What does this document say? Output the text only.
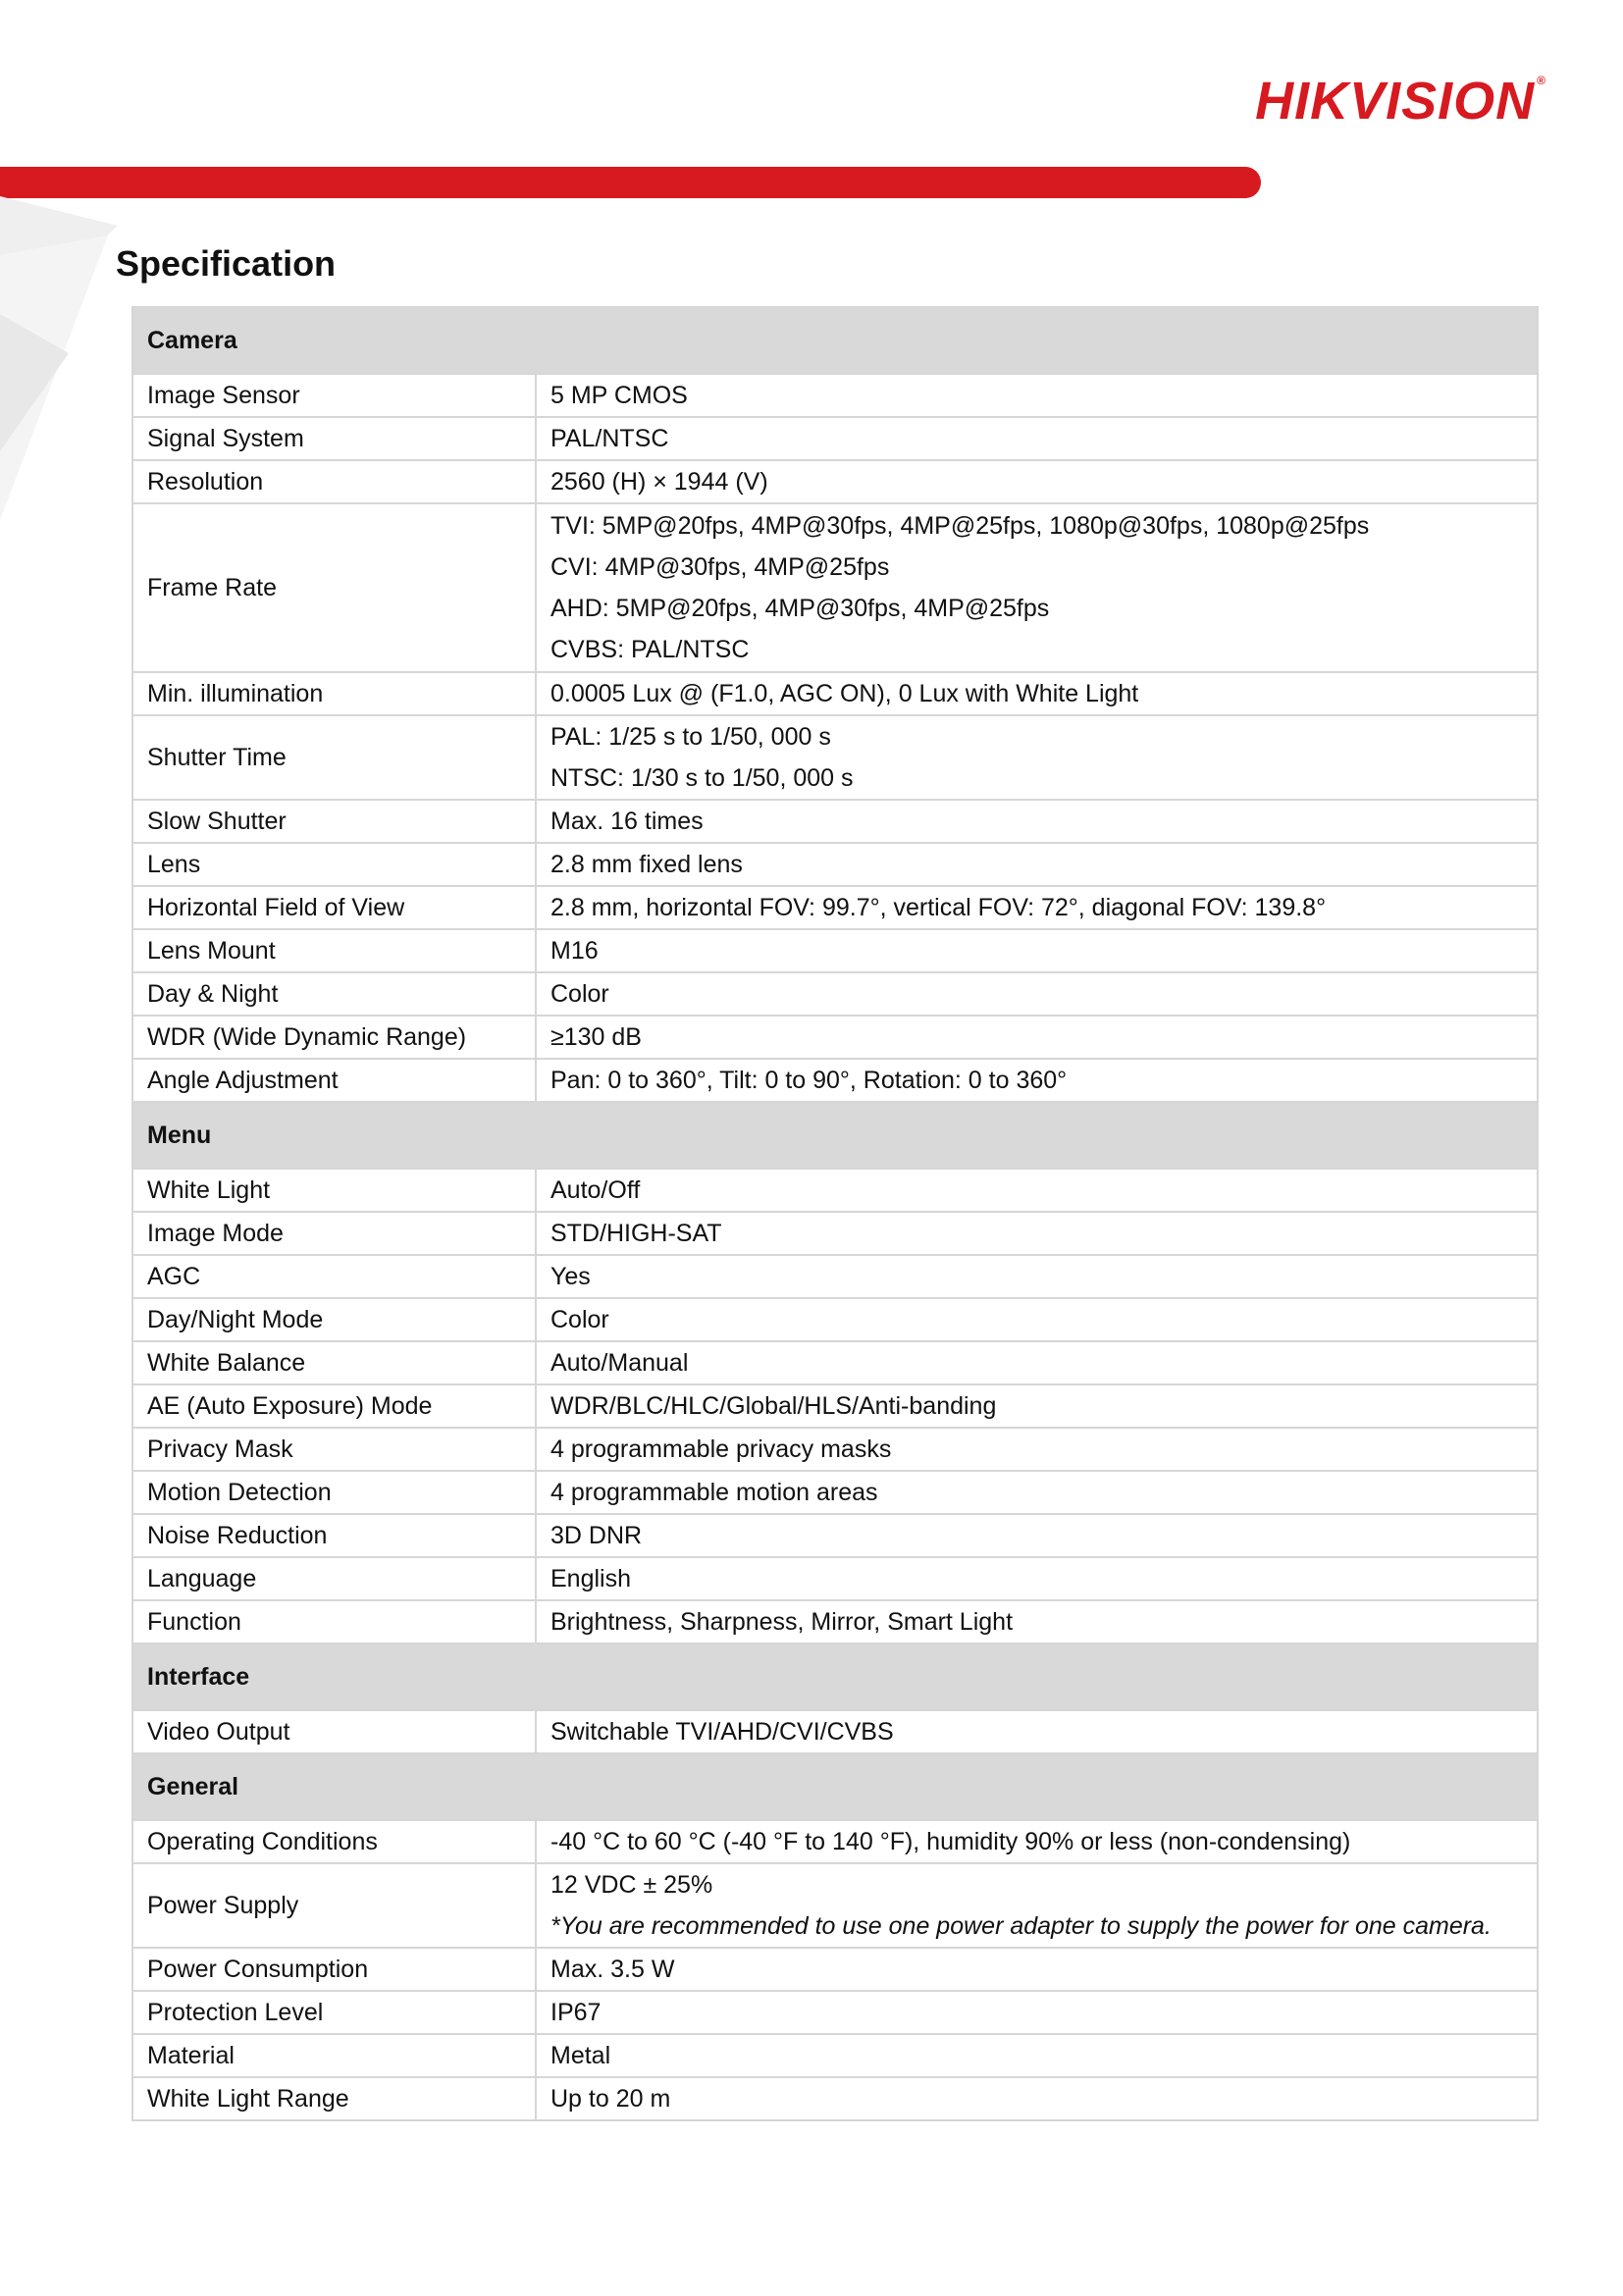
HIKVISION ®
Specification
Camera	
Image Sensor	5 MP CMOS

Signal System	PAL/NTSC

Resolution	2560 (H) × 1944 (V)

Frame Rate	TVI: 5MP@20fps, 4MP@30fps, 4MP@25fps, 1080p@30fps, 1080p@25fps
CVI: 4MP@30fps, 4MP@25fps
AHD: 5MP@20fps, 4MP@30fps, 4MP@25fps
CVBS: PAL/NTSC

Min. illumination	0.0005 Lux @ (F1.0, AGC ON), 0 Lux with White Light

Shutter Time	PAL: 1/25 s to 1/50, 000 s
NTSC: 1/30 s to 1/50, 000 s

Slow Shutter	Max. 16 times

Lens	2.8 mm fixed lens

Horizontal Field of View	2.8 mm, horizontal FOV: 99.7°, vertical FOV: 72°, diagonal FOV: 139.8°

Lens Mount	M16

Day & Night	Color

WDR (Wide Dynamic Range)	≥130 dB

Angle Adjustment	Pan: 0 to 360°, Tilt: 0 to 90°, Rotation: 0 to 360°

Menu	
White Light	Auto/Off

Image Mode	STD/HIGH-SAT

AGC	Yes

Day/Night Mode	Color

White Balance	Auto/Manual

AE (Auto Exposure) Mode	WDR/BLC/HLC/Global/HLS/Anti-banding

Privacy Mask	4 programmable privacy masks

Motion Detection	4 programmable motion areas

Noise Reduction	3D DNR

Language	English

Function	Brightness, Sharpness, Mirror, Smart Light

Interface	
Video Output	Switchable TVI/AHD/CVI/CVBS

General	
Operating Conditions	-40 °C to 60 °C (-40 °F to 140 °F), humidity 90% or less (non-condensing)

Power Supply	12 VDC ± 25%
*You are recommended to use one power adapter to supply the power for one camera.

Power Consumption	Max. 3.5 W

Protection Level	IP67

Material	Metal

White Light Range	Up to 20 m
